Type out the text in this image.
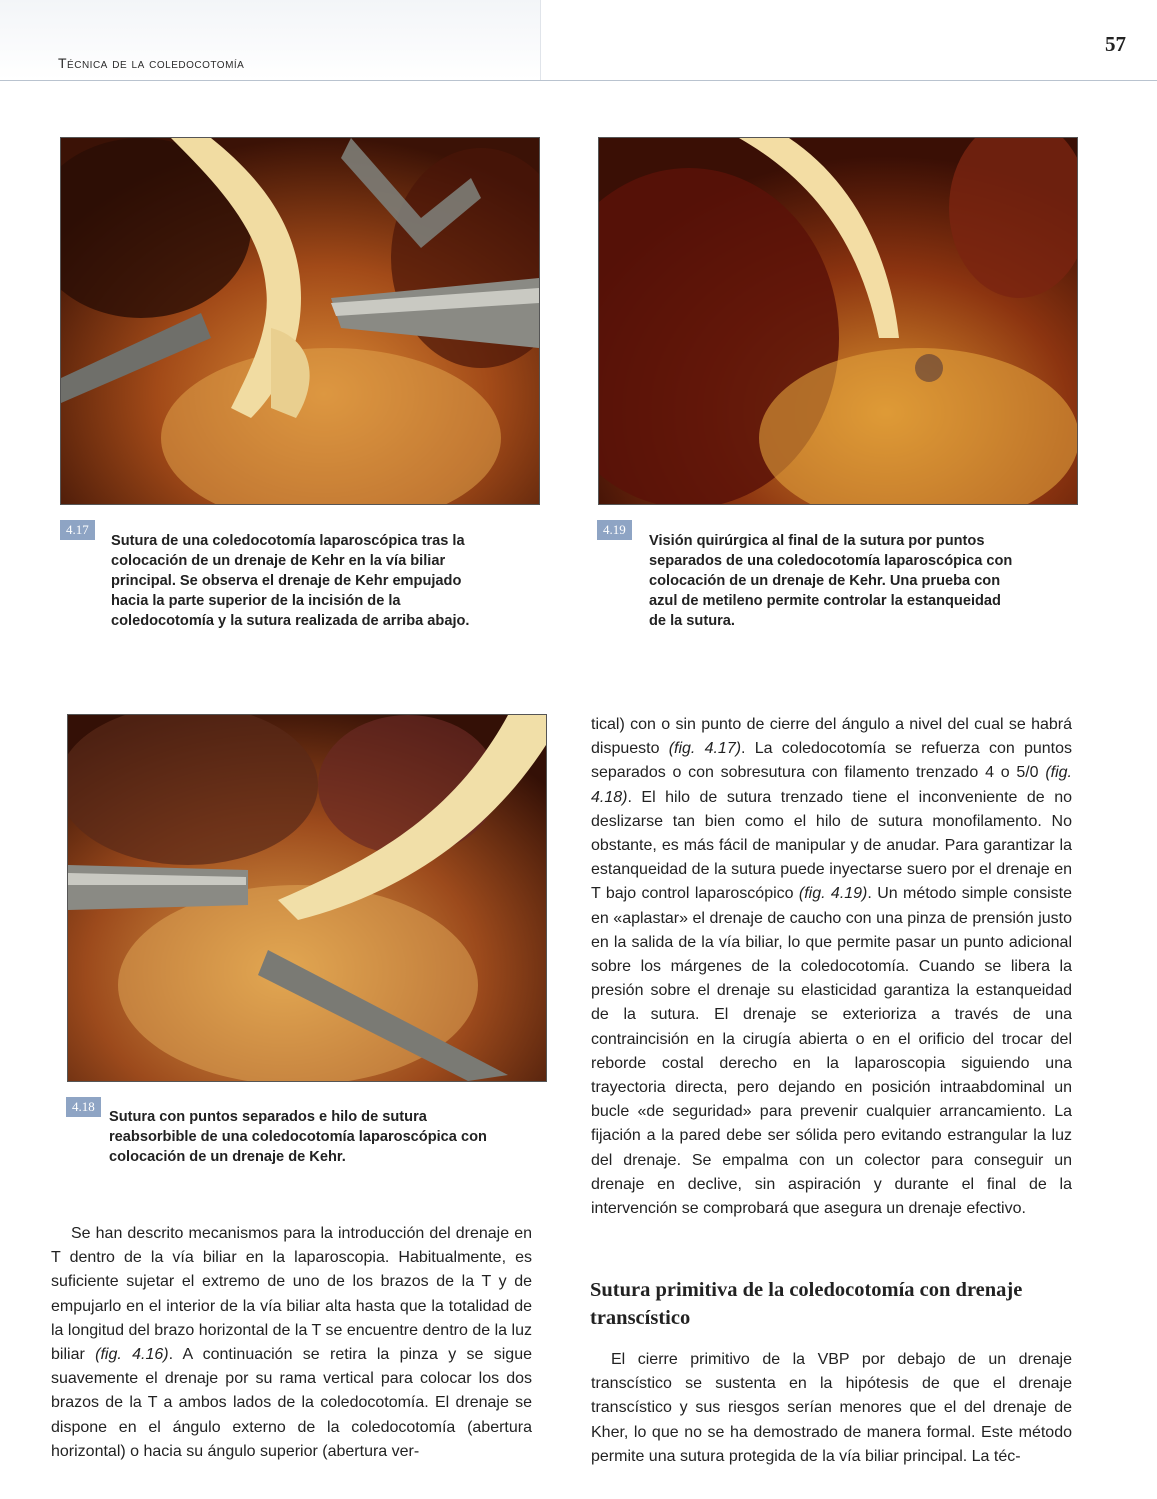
Técnica de la coledocotomía
57
4.17
Sutura de una coledocotomía laparoscópica tras la colocación de un drenaje de Kehr en la vía biliar principal. Se observa el drenaje de Kehr empujado hacia la parte superior de la incisión de la coledocotomía y la sutura realizada de arriba abajo.
4.19
Visión quirúrgica al final de la sutura por puntos separados de una coledocotomía laparoscópica con colocación de un drenaje de Kehr. Una prueba con azul de metileno permite controlar la estanqueidad de la sutura.
4.18
Sutura con puntos separados e hilo de sutura reabsorbible de una coledocotomía laparoscópica con colocación de un drenaje de Kehr.

Se han descrito mecanismos para la introducción del drenaje en T dentro de la vía biliar en la laparoscopia. Habitualmente, es suficiente sujetar el extremo de uno de los brazos de la T y de empujarlo en el interior de la vía biliar alta hasta que la totalidad de la longitud del brazo horizontal de la T se encuentre dentro de la luz biliar (fig. 4.16). A continuación se retira la pinza y se sigue suavemente el drenaje por su rama vertical para colocar los dos brazos de la T a ambos lados de la coledocotomía. El drenaje se dispone en el ángulo externo de la coledocotomía (abertura horizontal) o hacia su ángulo superior (abertura ver-

tical) con o sin punto de cierre del ángulo a nivel del cual se habrá dispuesto (fig. 4.17). La coledocotomía se refuerza con puntos separados o con sobresutura con filamento trenzado 4 o 5/0 (fig. 4.18). El hilo de sutura trenzado tiene el inconveniente de no deslizarse tan bien como el hilo de sutura monofilamento. No obstante, es más fácil de manipular y de anudar. Para garantizar la estanqueidad de la sutura puede inyectarse suero por el drenaje en T bajo control laparoscópico (fig. 4.19). Un método simple consiste en «aplastar» el drenaje de caucho con una pinza de prensión justo en la salida de la vía biliar, lo que permite pasar un punto adicional sobre los márgenes de la coledocotomía. Cuando se libera la presión sobre el drenaje su elasticidad garantiza la estanqueidad de la sutura. El drenaje se exterioriza a través de una contraincisión en la cirugía abierta o en el orificio del trocar del reborde costal derecho en la laparoscopia siguiendo una trayectoria directa, pero dejando en posición intraabdominal un bucle «de seguridad» para prevenir cualquier arrancamiento. La fijación a la pared debe ser sólida pero evitando estrangular la luz del drenaje. Se empalma con un colector para conseguir un drenaje en declive, sin aspiración y durante el final de la intervención se comprobará que asegura un drenaje efectivo.

Sutura primitiva de la coledocotomía con drenaje transcístico

El cierre primitivo de la VBP por debajo de un drenaje transcístico se sustenta en la hipótesis de que el drenaje transcístico y sus riesgos serían menores que el del drenaje de Kher, lo que no se ha demostrado de manera formal. Este método permite una sutura protegida de la vía biliar principal. La téc-
